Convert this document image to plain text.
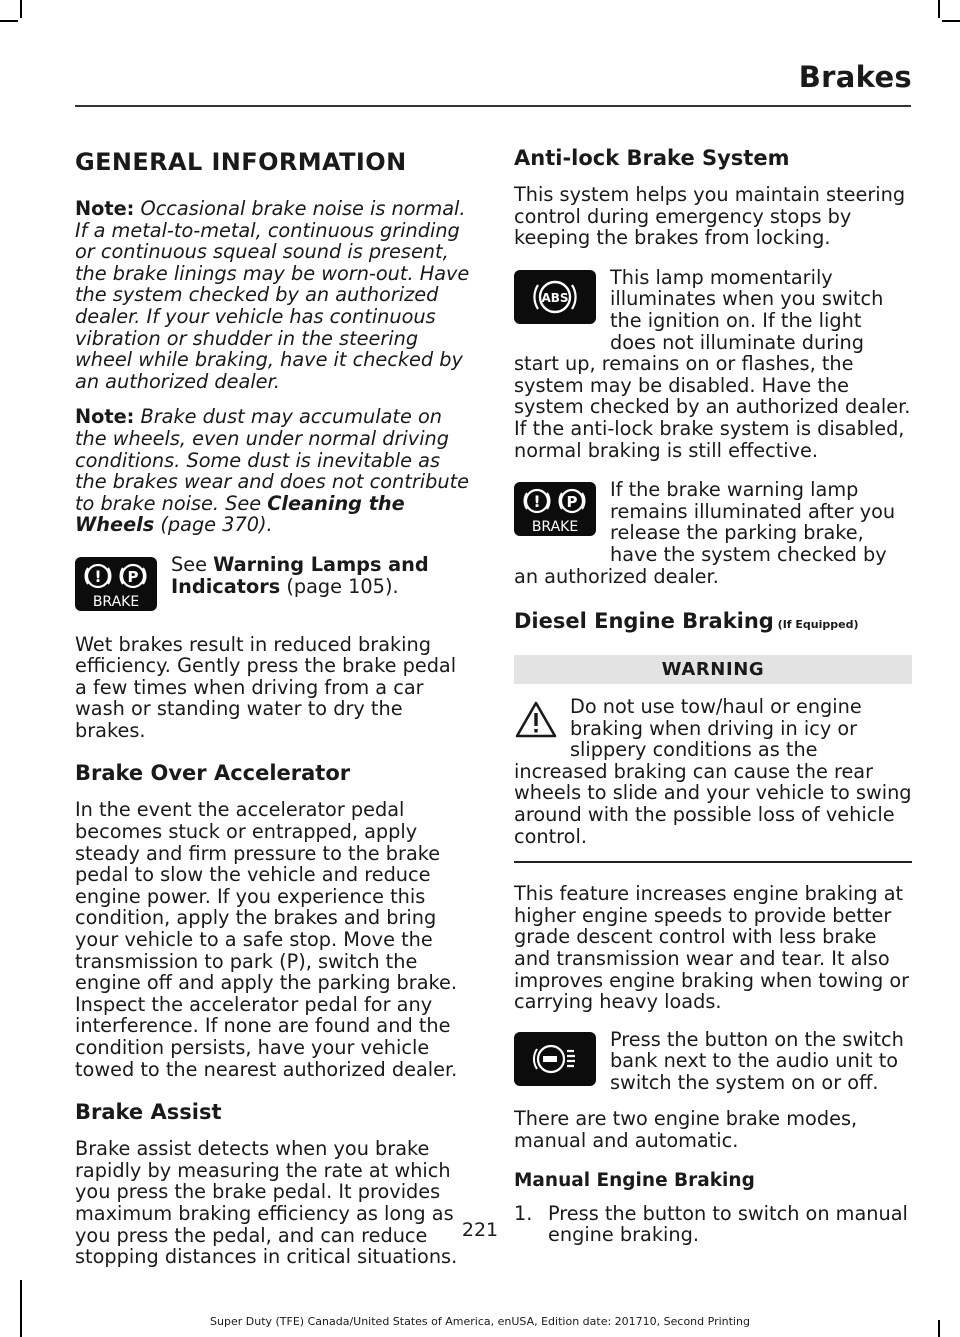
Brakes
GENERAL INFORMATION

Note: Occasional brake noise is normal. If a metal-to-metal, continuous grinding or continuous squeal sound is present, the brake linings may be worn-out. Have the system checked by an authorized dealer. If your vehicle has continuous vibration or shudder in the steering wheel while braking, have it checked by an authorized dealer.

Note: Brake dust may accumulate on the wheels, even under normal driving conditions. Some dust is inevitable as the brakes wear and does not contribute to brake noise. See Cleaning the Wheels (page 370).

! P
BRAKE
See Warning Lamps and Indicators (page 105).

Wet brakes result in reduced braking efficiency. Gently press the brake pedal a few times when driving from a car wash or standing water to dry the brakes.

Brake Over Accelerator

In the event the accelerator pedal becomes stuck or entrapped, apply steady and firm pressure to the brake pedal to slow the vehicle and reduce engine power. If you experience this condition, apply the brakes and bring your vehicle to a safe stop. Move the transmission to park (P), switch the engine off and apply the parking brake. Inspect the accelerator pedal for any interference. If none are found and the condition persists, have your vehicle towed to the nearest authorized dealer.

Brake Assist

Brake assist detects when you brake rapidly by measuring the rate at which you press the brake pedal. It provides maximum braking efficiency as long as you press the pedal, and can reduce stopping distances in critical situations.

Anti-lock Brake System

This system helps you maintain steering control during emergency stops by keeping the brakes from locking.

ABS
This lamp momentarily illuminates when you switch the ignition on. If the light does not illuminate during start up, remains on or flashes, the system may be disabled. Have the system checked by an authorized dealer. If the anti-lock brake system is disabled, normal braking is still effective.
! P
BRAKE
If the brake warning lamp remains illuminated after you release the parking brake, have the system checked by an authorized dealer.
Diesel Engine Braking (If Equipped)
WARNING
Do not use tow/haul or engine braking when driving in icy or slippery conditions as the increased braking can cause the rear wheels to slide and your vehicle to swing around with the possible loss of vehicle control.

This feature increases engine braking at higher engine speeds to provide better grade descent control with less brake and transmission wear and tear. It also improves engine braking when towing or carrying heavy loads.

Press the button on the switch bank next to the audio unit to switch the system on or off.

There are two engine brake modes, manual and automatic.

Manual Engine Braking
1. Press the button to switch on manual engine braking.
221
Super Duty (TFE) Canada/United States of America, enUSA, Edition date: 201710, Second Printing
